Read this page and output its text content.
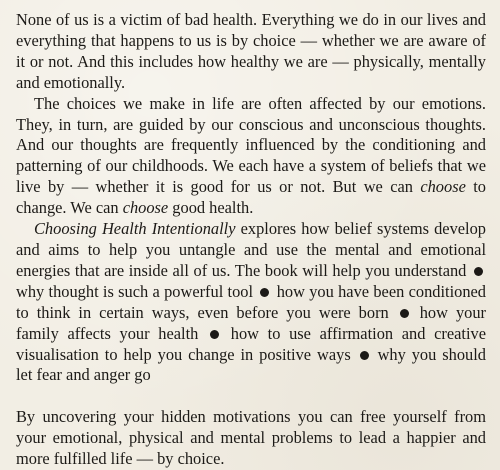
None of us is a victim of bad health. Everything we do in our lives and everything that happens to us is by choice — whether we are aware of it or not. And this includes how healthy we are — physically, mentally and emotionally.

The choices we make in life are often affected by our emotions. They, in turn, are guided by our conscious and unconscious thoughts. And our thoughts are frequently influenced by the conditioning and patterning of our childhoods. We each have a system of beliefs that we live by — whether it is good for us or not. But we can choose to change. We can choose good health.

Choosing Health Intentionally explores how belief systems develop and aims to help you untangle and use the mental and emotional energies that are inside all of us. The book will help you understand  why thought is such a powerful tool how you have been conditioned to think in certain ways, even before you were born how your family affects your health how to use affirmation and creative visualisation to help you change in positive ways why you should let fear and anger go

By uncovering your hidden motivations you can free yourself from your emotional, physical and mental problems to lead a happier and more fulfilled life — by choice.
